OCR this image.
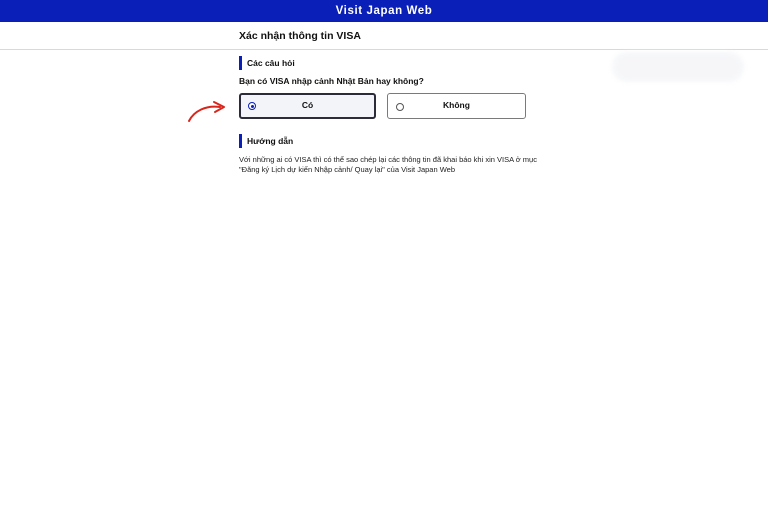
Visit Japan Web
Xác nhận thông tin VISA
Các câu hỏi
Bạn có VISA nhập cảnh Nhật Bản hay không?
Có	Không
Hướng dẫn
Với những ai có VISA thì có thể sao chép lại các thông tin đã khai báo khi xin VISA ở mục "Đăng ký Lịch dự kiến Nhập cảnh/ Quay lại" của Visit Japan Web
